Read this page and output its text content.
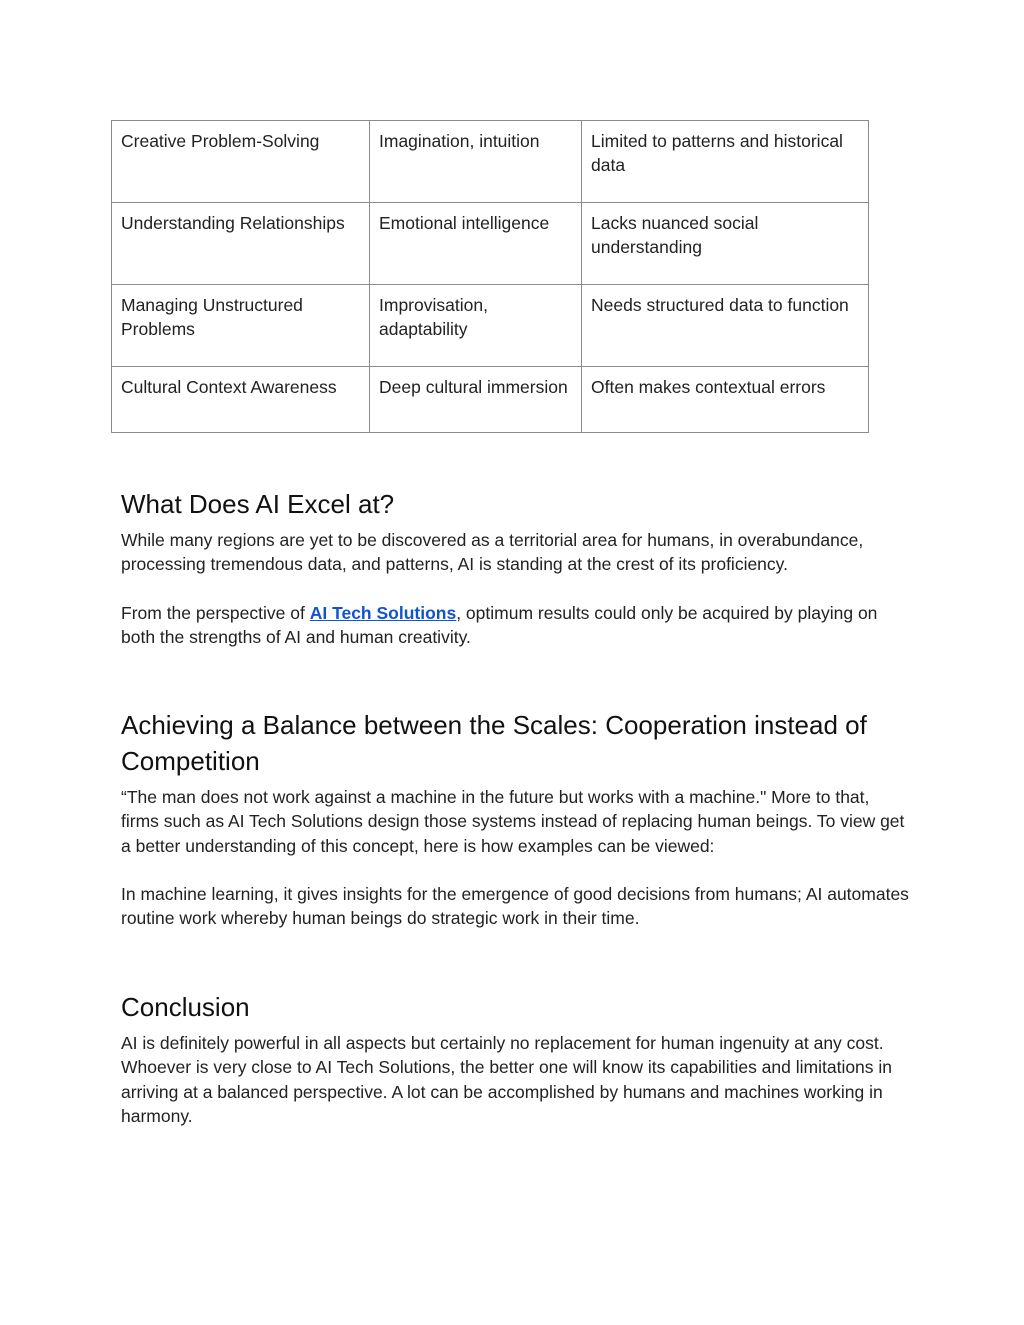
Creative Problem-Solving	Imagination, intuition	Limited to patterns and historical data
Understanding Relationships	Emotional intelligence	Lacks nuanced social understanding
Managing Unstructured Problems	Improvisation, adaptability	Needs structured data to function
Cultural Context Awareness	Deep cultural immersion	Often makes contextual errors
What Does AI Excel at?

While many regions are yet to be discovered as a territorial area for humans, in overabundance, processing tremendous data, and patterns, AI is standing at the crest of its proficiency.

From the perspective of AI Tech Solutions, optimum results could only be acquired by playing on both the strengths of AI and human creativity.

Achieving a Balance between the Scales: Cooperation instead of Competition

“The man does not work against a machine in the future but works with a machine." More to that, firms such as AI Tech Solutions design those systems instead of replacing human beings. To view get a better understanding of this concept, here is how examples can be viewed:

In machine learning, it gives insights for the emergence of good decisions from humans; AI automates routine work whereby human beings do strategic work in their time.

Conclusion

AI is definitely powerful in all aspects but certainly no replacement for human ingenuity at any cost. Whoever is very close to AI Tech Solutions, the better one will know its capabilities and limitations in arriving at a balanced perspective. A lot can be accomplished by humans and machines working in harmony.
